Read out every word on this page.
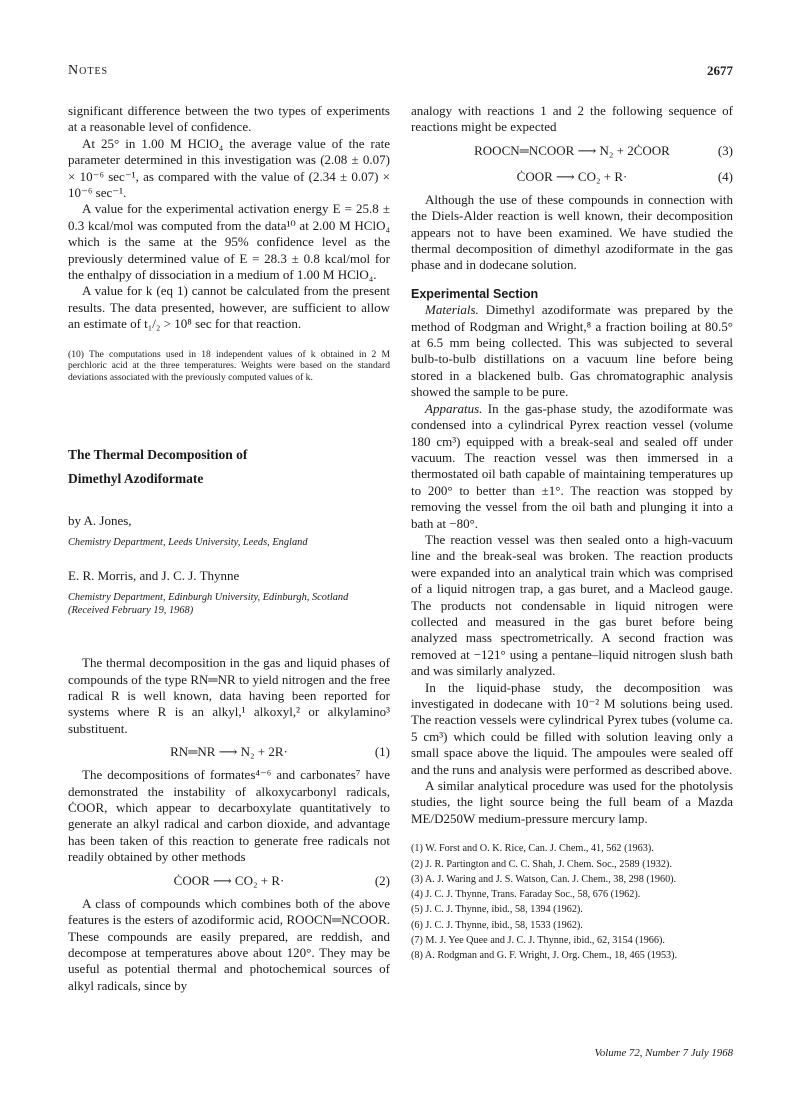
Notes	2677

significant difference between the two types of experiments at a reasonable level of confidence.

At 25° in 1.00 M HClO₄ the average value of the rate parameter determined in this investigation was (2.08 ± 0.07) × 10⁻⁶ sec⁻¹, as compared with the value of (2.34 ± 0.07) × 10⁻⁶ sec⁻¹.

A value for the experimental activation energy E = 25.8 ± 0.3 kcal/mol was computed from the data¹⁰ at 2.00 M HClO₄ which is the same at the 95% confidence level as the previously determined value of E = 28.3 ± 0.8 kcal/mol for the enthalpy of dissociation in a medium of 1.00 M HClO₄.

A value for k (eq 1) cannot be calculated from the present results. The data presented, however, are sufficient to allow an estimate of t₁/₂ > 10⁸ sec for that reaction.

(10) The computations used in 18 independent values of k obtained in 2 M perchloric acid at the three temperatures. Weights were based on the standard deviations associated with the previously computed values of k.

The Thermal Decomposition of
Dimethyl Azodiformate

by A. Jones,

Chemistry Department, Leeds University, Leeds, England

E. R. Morris, and J. C. J. Thynne

Chemistry Department, Edinburgh University, Edinburgh, Scotland

(Received February 19, 1968)

The thermal decomposition in the gas and liquid phases of compounds of the type RN═NR to yield nitrogen and the free radical R is well known, data having been reported for systems where R is an alkyl,¹ alkoxyl,² or alkylamino³ substituent.

RN═NR ⟶ N₂ + 2R·	(1)

The decompositions of formates⁴⁻⁶ and carbonates⁷ have demonstrated the instability of alkoxycarbonyl radicals, ĊOOR, which appear to decarboxylate quantitatively to generate an alkyl radical and carbon dioxide, and advantage has been taken of this reaction to generate free radicals not readily obtained by other methods

ĊOOR ⟶ CO₂ + R·	(2)

A class of compounds which combines both of the above features is the esters of azodiformic acid, ROOCN═NCOOR. These compounds are easily prepared, are reddish, and decompose at temperatures above about 120°. They may be useful as potential thermal and photochemical sources of alkyl radicals, since by

analogy with reactions 1 and 2 the following sequence of reactions might be expected

ROOCN═NCOOR ⟶ N₂ + 2ĊOOR	(3)
ĊOOR ⟶ CO₂ + R·	(4)

Although the use of these compounds in connection with the Diels-Alder reaction is well known, their decomposition appears not to have been examined. We have studied the thermal decomposition of dimethyl azodiformate in the gas phase and in dodecane solution.

Experimental Section

Materials. Dimethyl azodiformate was prepared by the method of Rodgman and Wright,⁸ a fraction boiling at 80.5° at 6.5 mm being collected. This was subjected to several bulb-to-bulb distillations on a vacuum line before being stored in a blackened bulb. Gas chromatographic analysis showed the sample to be pure.

Apparatus. In the gas-phase study, the azodiformate was condensed into a cylindrical Pyrex reaction vessel (volume 180 cm³) equipped with a break-seal and sealed off under vacuum. The reaction vessel was then immersed in a thermostated oil bath capable of maintaining temperatures up to 200° to better than ±1°. The reaction was stopped by removing the vessel from the oil bath and plunging it into a bath at −80°.

The reaction vessel was then sealed onto a high-vacuum line and the break-seal was broken. The reaction products were expanded into an analytical train which was comprised of a liquid nitrogen trap, a gas buret, and a Macleod gauge. The products not condensable in liquid nitrogen were collected and measured in the gas buret before being analyzed mass spectrometrically. A second fraction was removed at −121° using a pentane–liquid nitrogen slush bath and was similarly analyzed.

In the liquid-phase study, the decomposition was investigated in dodecane with 10⁻² M solutions being used. The reaction vessels were cylindrical Pyrex tubes (volume ca. 5 cm³) which could be filled with solution leaving only a small space above the liquid. The ampoules were sealed off and the runs and analysis were performed as described above.

A similar analytical procedure was used for the photolysis studies, the light source being the full beam of a Mazda ME/D250W medium-pressure mercury lamp.

(1) W. Forst and O. K. Rice, Can. J. Chem., 41, 562 (1963).
(2) J. R. Partington and C. C. Shah, J. Chem. Soc., 2589 (1932).
(3) A. J. Waring and J. S. Watson, Can. J. Chem., 38, 298 (1960).
(4) J. C. J. Thynne, Trans. Faraday Soc., 58, 676 (1962).
(5) J. C. J. Thynne, ibid., 58, 1394 (1962).
(6) J. C. J. Thynne, ibid., 58, 1533 (1962).
(7) M. J. Yee Quee and J. C. J. Thynne, ibid., 62, 3154 (1966).
(8) A. Rodgman and G. F. Wright, J. Org. Chem., 18, 465 (1953).
Volume 72, Number 7 July 1968
